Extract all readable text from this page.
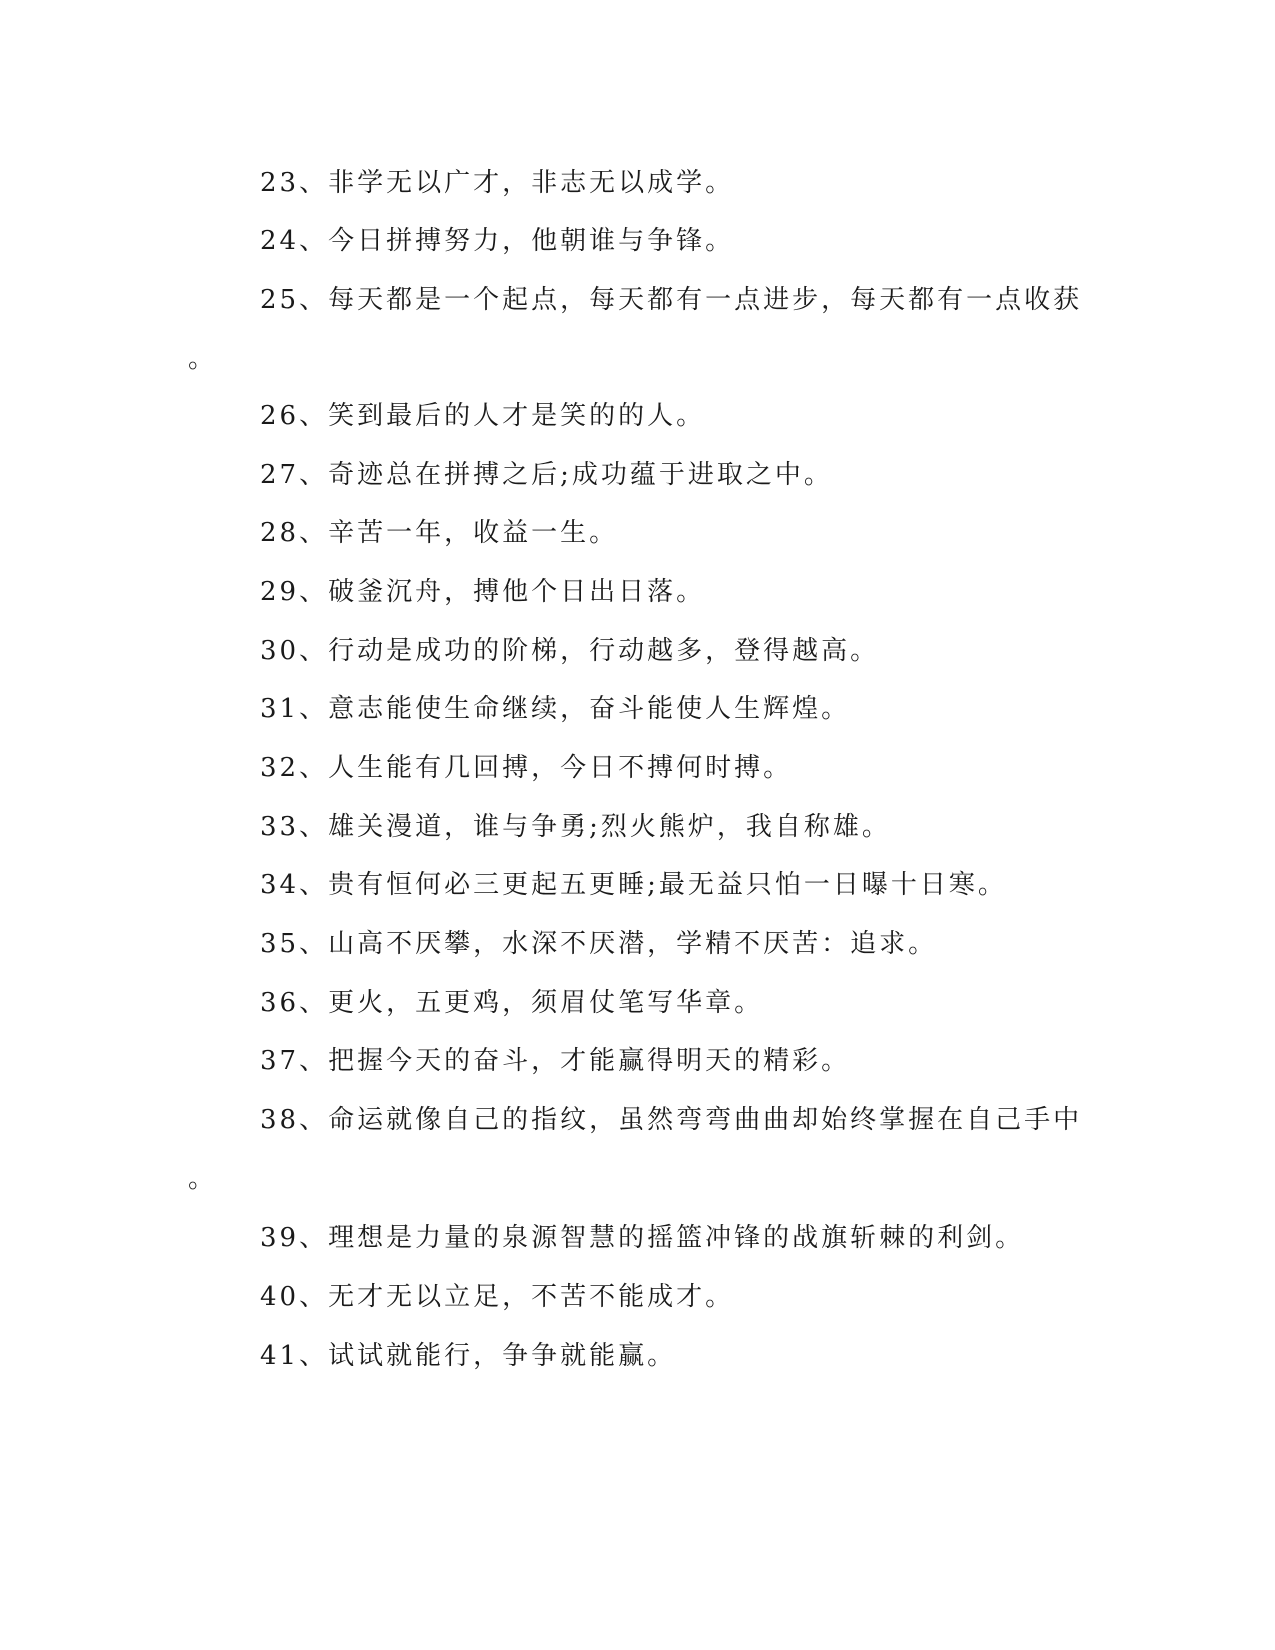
23、非学无以广才，非志无以成学。
24、今日拼搏努力，他朝谁与争锋。
25、每天都是一个起点，每天都有一点进步，每天都有一点收获
。
26、笑到最后的人才是笑的的人。
27、奇迹总在拼搏之后;成功蕴于进取之中。
28、辛苦一年，收益一生。
29、破釜沉舟，搏他个日出日落。
30、行动是成功的阶梯，行动越多，登得越高。
31、意志能使生命继续，奋斗能使人生辉煌。
32、人生能有几回搏，今日不搏何时搏。
33、雄关漫道，谁与争勇;烈火熊炉，我自称雄。
34、贵有恒何必三更起五更睡;最无益只怕一日曝十日寒。
35、山高不厌攀，水深不厌潜，学精不厌苦：追求。
36、更火，五更鸡，须眉仗笔写华章。
37、把握今天的奋斗，才能赢得明天的精彩。
38、命运就像自己的指纹，虽然弯弯曲曲却始终掌握在自己手中
。
39、理想是力量的泉源智慧的摇篮冲锋的战旗斩棘的利剑。
40、无才无以立足，不苦不能成才。
41、试试就能行，争争就能赢。
